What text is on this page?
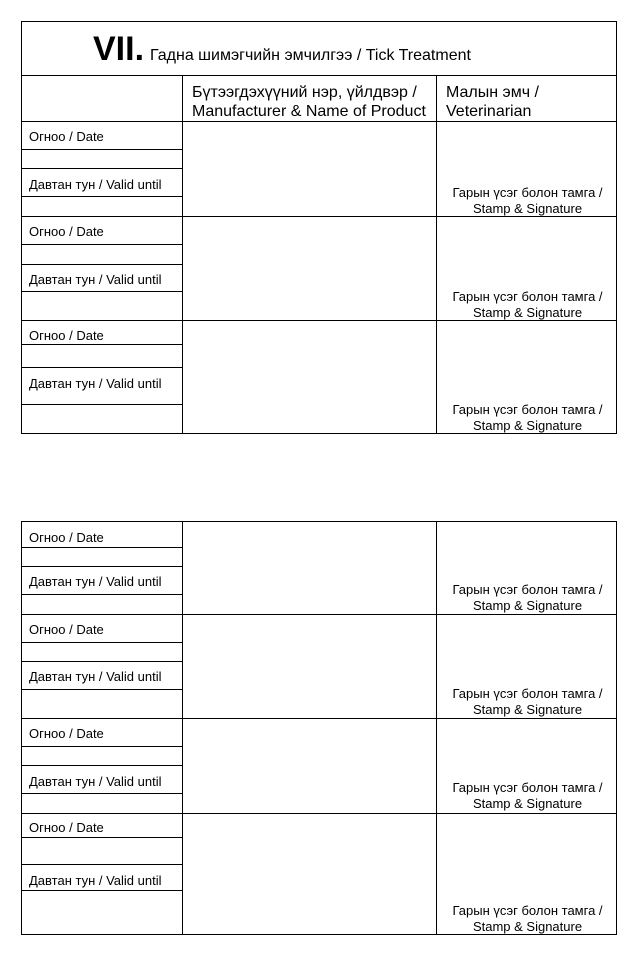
VII. Гадна шимэгчийн эмчилгээ / Tick Treatment
Бүтээгдэхүүний нэр, үйлдвэр /
Manufacturer & Name of Product
Малын эмч /
Veterinarian
Огноо / Date
Давтан тун / Valid until
Гарын үсэг болон тамга /
Stamp & Signature
Огноо / Date
Давтан тун / Valid until
Гарын үсэг болон тамга /
Stamp & Signature
Огноо / Date
Давтан тун / Valid until
Гарын үсэг болон тамга /
Stamp & Signature
Огноо / Date
Давтан тун / Valid until
Гарын үсэг болон тамга /
Stamp & Signature
Огноо / Date
Давтан тун / Valid until
Гарын үсэг болон тамга /
Stamp & Signature
Огноо / Date
Давтан тун / Valid until	Гарын үсэг болон тамга /
Stamp & Signature
Огноо / Date
Давтан тун / Valid until
Гарын үсэг болон тамга /
Stamp & Signature
